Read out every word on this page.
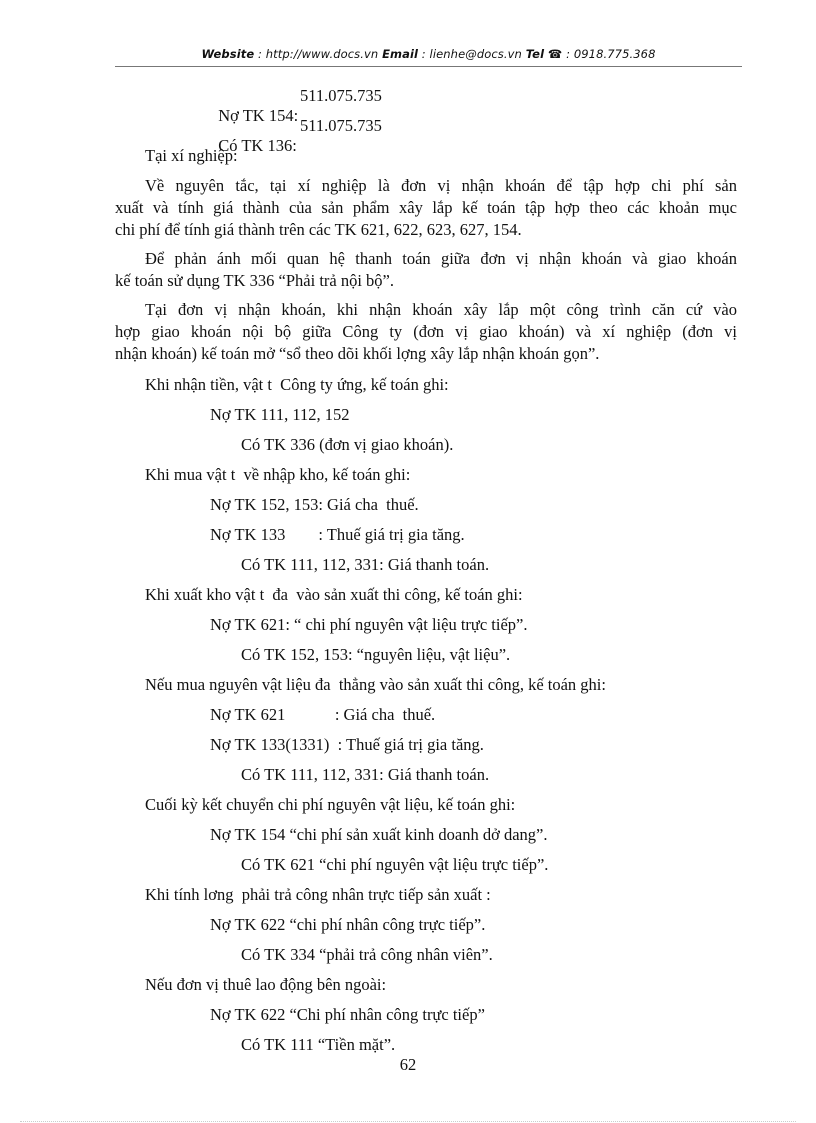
Website : http://www.docs.vn Email : lienhe@docs.vn Tel ☎ : 0918.775.368

Nợ TK 154:

511.075.735

Có TK 136:

511.075.735
Tại xí nghiệp:
Về nguyên tắc, tại xí nghiệp là đơn vị nhận khoán để tập hợp chi phí sản
xuất và tính giá thành của sản phẩm xây lắp kế toán tập hợp theo các khoản mục
chi phí để tính giá thành trên các TK 621, 622, 623, 627, 154.
Để phản ánh mối quan hệ thanh toán giữa đơn vị nhận khoán và giao khoán
kế toán sử dụng TK 336 “Phải trả nội bộ”.
Tại đơn vị nhận khoán, khi nhận khoán xây lắp một công trình căn cứ vào
hợp giao khoán nội bộ giữa Công ty (đơn vị giao khoán) và xí nghiệp (đơn vị
nhận khoán) kế toán mở “sổ theo dõi khối lợng xây lắp nhận khoán gọn”.
Khi nhận tiền, vật t  Công ty ứng, kế toán ghi:
Nợ TK 111, 112, 152
Có TK 336 (đơn vị giao khoán).
Khi mua vật t  về nhập kho, kế toán ghi:
Nợ TK 152, 153: Giá cha  thuế.
Nợ TK 133        : Thuế giá trị gia tăng.
Có TK 111, 112, 331: Giá thanh toán.
Khi xuất kho vật t  đa  vào sản xuất thi công, kế toán ghi:
Nợ TK 621: “ chi phí nguyên vật liệu trực tiếp”.
Có TK 152, 153: “nguyên liệu, vật liệu”.
Nếu mua nguyên vật liệu đa  thẳng vào sản xuất thi công, kế toán ghi:
Nợ TK 621            : Giá cha  thuế.
Nợ TK 133(1331)  : Thuế giá trị gia tăng.
Có TK 111, 112, 331: Giá thanh toán.
Cuối kỳ kết chuyển chi phí nguyên vật liệu, kế toán ghi:
Nợ TK 154 “chi phí sản xuất kinh doanh dở dang”.
Có TK 621 “chi phí nguyên vật liệu trực tiếp”.
Khi tính lơng  phải trả công nhân trực tiếp sản xuất :
Nợ TK 622 “chi phí nhân công trực tiếp”.
Có TK 334 “phải trả công nhân viên”.
Nếu đơn vị thuê lao động bên ngoài:
Nợ TK 622 “Chi phí nhân công trực tiếp”
Có TK 111 “Tiền mặt”.
62
